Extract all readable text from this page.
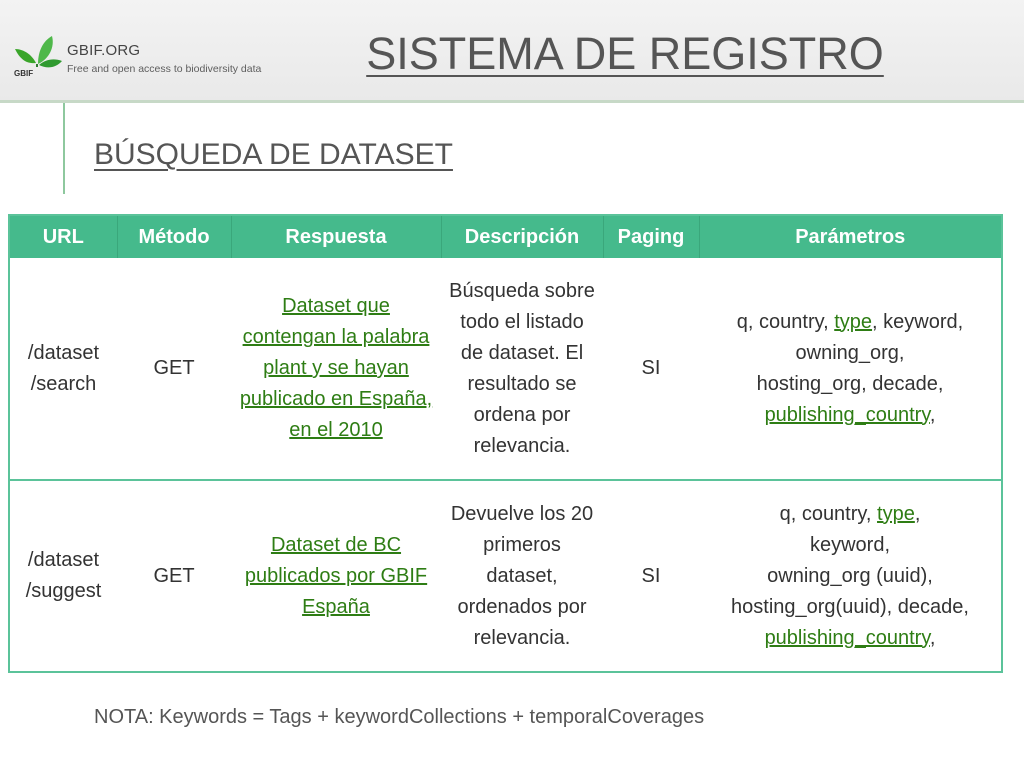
GBIF
GBIF.ORG
Free and open access to biodiversity data SISTEMA DE REGISTRO
BÚSQUEDA DE DATASET
URL	Método	Respuesta	Descripción	Paging	Parámetros
/dataset
/search	GET	Dataset que contengan la palabra plant y se hayan publicado en España, en el 2010	Búsqueda sobre todo el listado de dataset. El resultado se ordena por relevancia.	SI	q, country, type, keyword,
owning_org,
hosting_org, decade,
publishing_country,
/dataset
/suggest	GET	Dataset de BC publicados por GBIF España	Devuelve los 20 primeros dataset, ordenados por relevancia.	SI	q, country, type,
keyword,
owning_org (uuid),
hosting_org(uuid), decade,
publishing_country,
NOTA: Keywords = Tags + keywordCollections + temporalCoverages
